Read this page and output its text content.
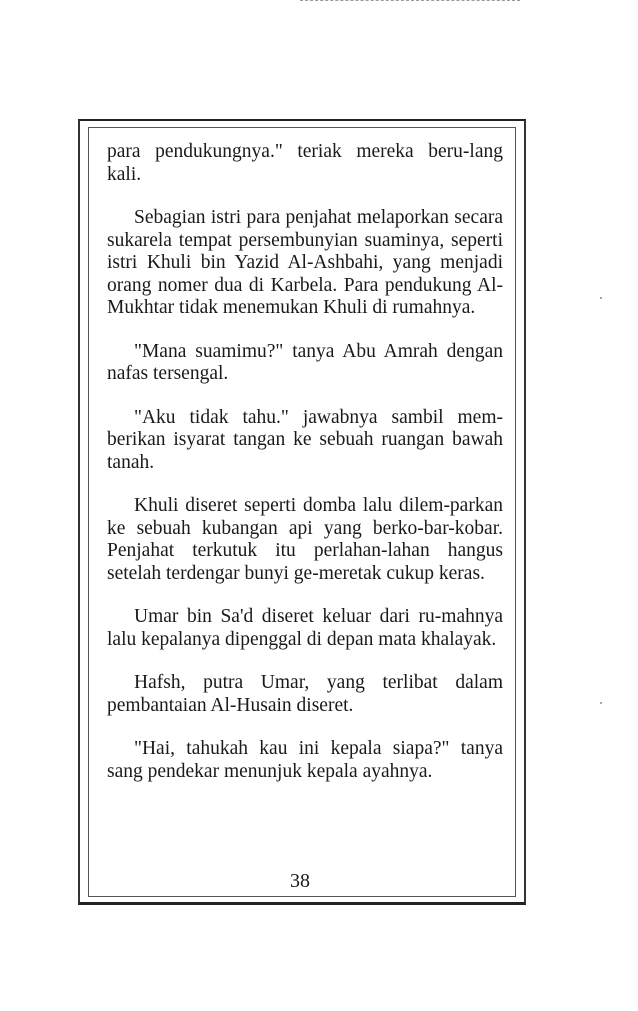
para pendukungnya." teriak mereka beru-lang kali.

Sebagian istri para penjahat melaporkan secara sukarela tempat persembunyian suaminya, seperti istri Khuli bin Yazid Al-Ashbahi, yang menjadi orang nomer dua di Karbela. Para pendukung Al-Mukhtar tidak menemukan Khuli di rumahnya.

"Mana suamimu?" tanya Abu Amrah dengan nafas tersengal.

"Aku tidak tahu." jawabnya sambil mem-berikan isyarat tangan ke sebuah ruangan bawah tanah.

Khuli diseret seperti domba lalu dilem-parkan ke sebuah kubangan api yang berko-bar-kobar. Penjahat terkutuk itu perlahan-lahan hangus setelah terdengar bunyi ge-meretak cukup keras.

Umar bin Sa'd diseret keluar dari ru-mahnya lalu kepalanya dipenggal di depan mata khalayak.

Hafsh, putra Umar, yang terlibat dalam pembantaian Al-Husain diseret.

"Hai, tahukah kau ini kepala siapa?" tanya sang pendekar menunjuk kepala ayahnya.

38
